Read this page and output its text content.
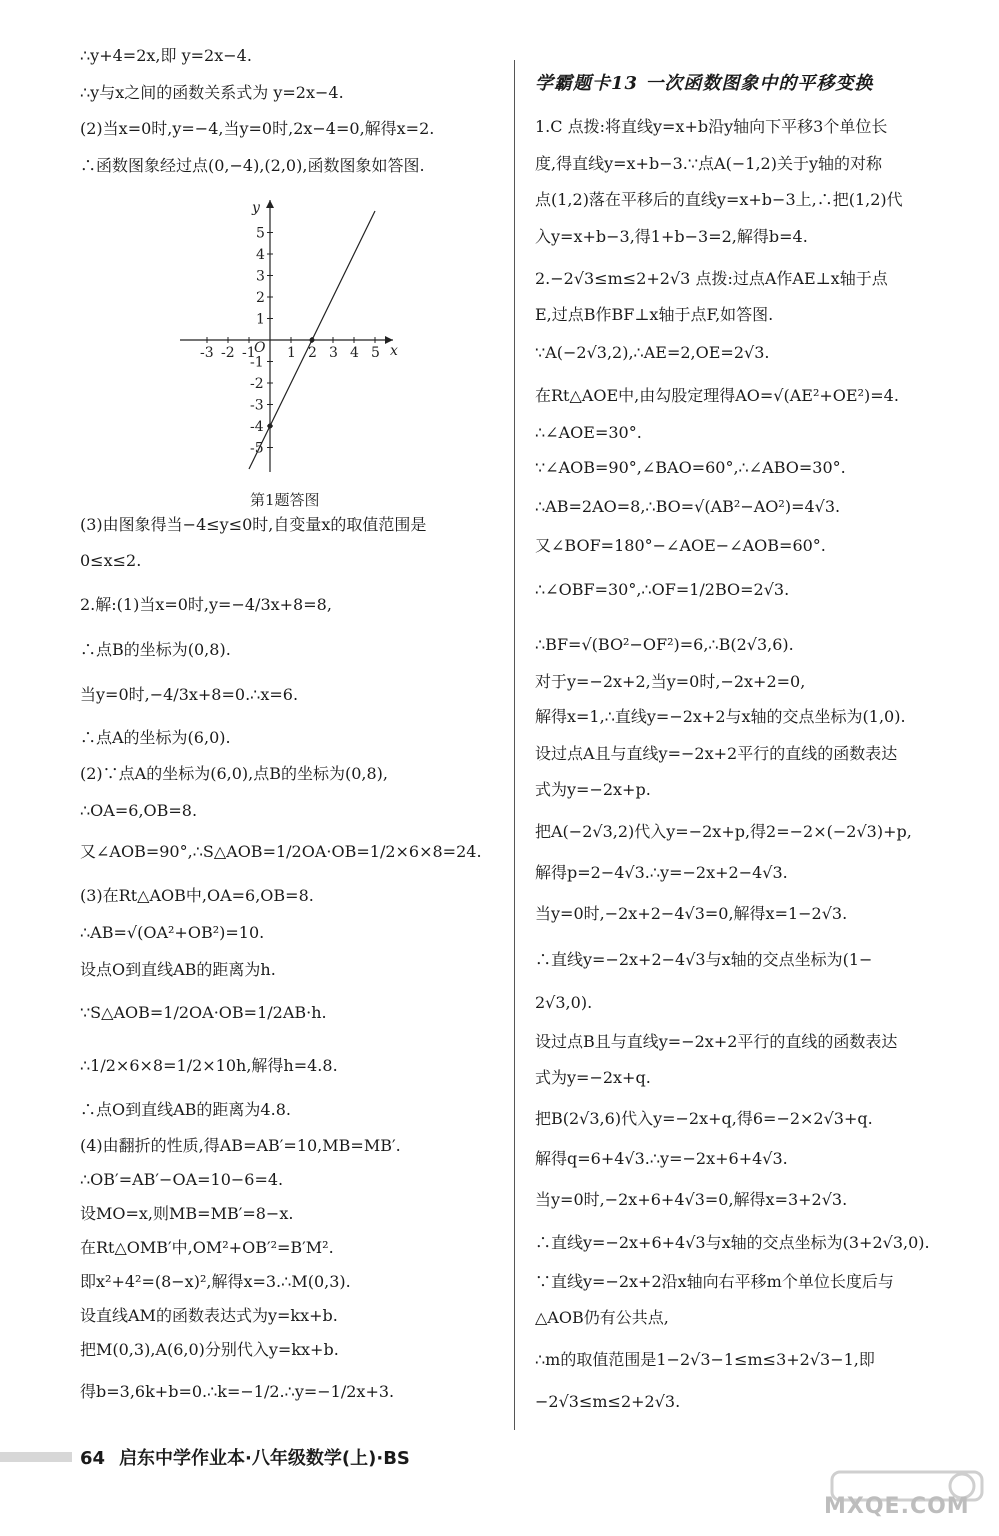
∴y+4=2x,即 y=2x−4.
∴y与x之间的函数关系式为 y=2x−4.
(2)当x=0时,y=−4,当y=0时,2x−4=0,解得x=2.
∴函数图象经过点(0,−4),(2,0),函数图象如答图.
(3)由图象得当−4≤y≤0时,自变量x的取值范围是
0≤x≤2.
2.解:(1)当x=0时,y=−4/3x+8=8,
∴点B的坐标为(0,8).
当y=0时,−4/3x+8=0.∴x=6.
∴点A的坐标为(6,0).
(2)∵点A的坐标为(6,0),点B的坐标为(0,8),
∴OA=6,OB=8.
又∠AOB=90°,∴S△AOB=1/2OA·OB=1/2×6×8=24.
(3)在Rt△AOB中,OA=6,OB=8.
∴AB=√(OA²+OB²)=10.
设点O到直线AB的距离为h.
∵S△AOB=1/2OA·OB=1/2AB·h.
∴1/2×6×8=1/2×10h,解得h=4.8.
∴点O到直线AB的距离为4.8.
(4)由翻折的性质,得AB=AB′=10,MB=MB′.
∴OB′=AB′−OA=10−6=4.
设MO=x,则MB=MB′=8−x.
在Rt△OMB′中,OM²+OB′²=B′M².
即x²+4²=(8−x)²,解得x=3.∴M(0,3).
设直线AM的函数表达式为y=kx+b.
把M(0,3),A(6,0)分别代入y=kx+b.
得b=3,6k+b=0.∴k=−1/2.∴y=−1/2x+3.
x
y
O
-3 -2 -1 1 2 3 4 5
5
4
3
2
1
-1
-2
-3
-4
-5
第1题答图
学霸题卡13 一次函数图象中的平移变换
1.C 点拨:将直线y=x+b沿y轴向下平移3个单位长
度,得直线y=x+b−3.∵点A(−1,2)关于y轴的对称
点(1,2)落在平移后的直线y=x+b−3上,∴把(1,2)代
入y=x+b−3,得1+b−3=2,解得b=4.
2.−2√3≤m≤2+2√3 点拨:过点A作AE⊥x轴于点
E,过点B作BF⊥x轴于点F,如答图.
∵A(−2√3,2),∴AE=2,OE=2√3.
在Rt△AOE中,由勾股定理得AO=√(AE²+OE²)=4.
∴∠AOE=30°.
∵∠AOB=90°,∠BAO=60°,∴∠ABO=30°.
∴AB=2AO=8,∴BO=√(AB²−AO²)=4√3.
又∠BOF=180°−∠AOE−∠AOB=60°.
∴∠OBF=30°,∴OF=1/2BO=2√3.
∴BF=√(BO²−OF²)=6,∴B(2√3,6).
对于y=−2x+2,当y=0时,−2x+2=0,
解得x=1,∴直线y=−2x+2与x轴的交点坐标为(1,0).
设过点A且与直线y=−2x+2平行的直线的函数表达
式为y=−2x+p.
把A(−2√3,2)代入y=−2x+p,得2=−2×(−2√3)+p,
解得p=2−4√3.∴y=−2x+2−4√3.
当y=0时,−2x+2−4√3=0,解得x=1−2√3.
∴直线y=−2x+2−4√3与x轴的交点坐标为(1−
2√3,0).
设过点B且与直线y=−2x+2平行的直线的函数表达
式为y=−2x+q.
把B(2√3,6)代入y=−2x+q,得6=−2×2√3+q.
解得q=6+4√3.∴y=−2x+6+4√3.
当y=0时,−2x+6+4√3=0,解得x=3+2√3.
∴直线y=−2x+6+4√3与x轴的交点坐标为(3+2√3,0).
∵直线y=−2x+2沿x轴向右平移m个单位长度后与
△AOB仍有公共点,
∴m的取值范围是1−2√3−1≤m≤3+2√3−1,即
−2√3≤m≤2+2√3.
64 启东中学作业本·八年级数学(上)·BS
MXQE.COM
